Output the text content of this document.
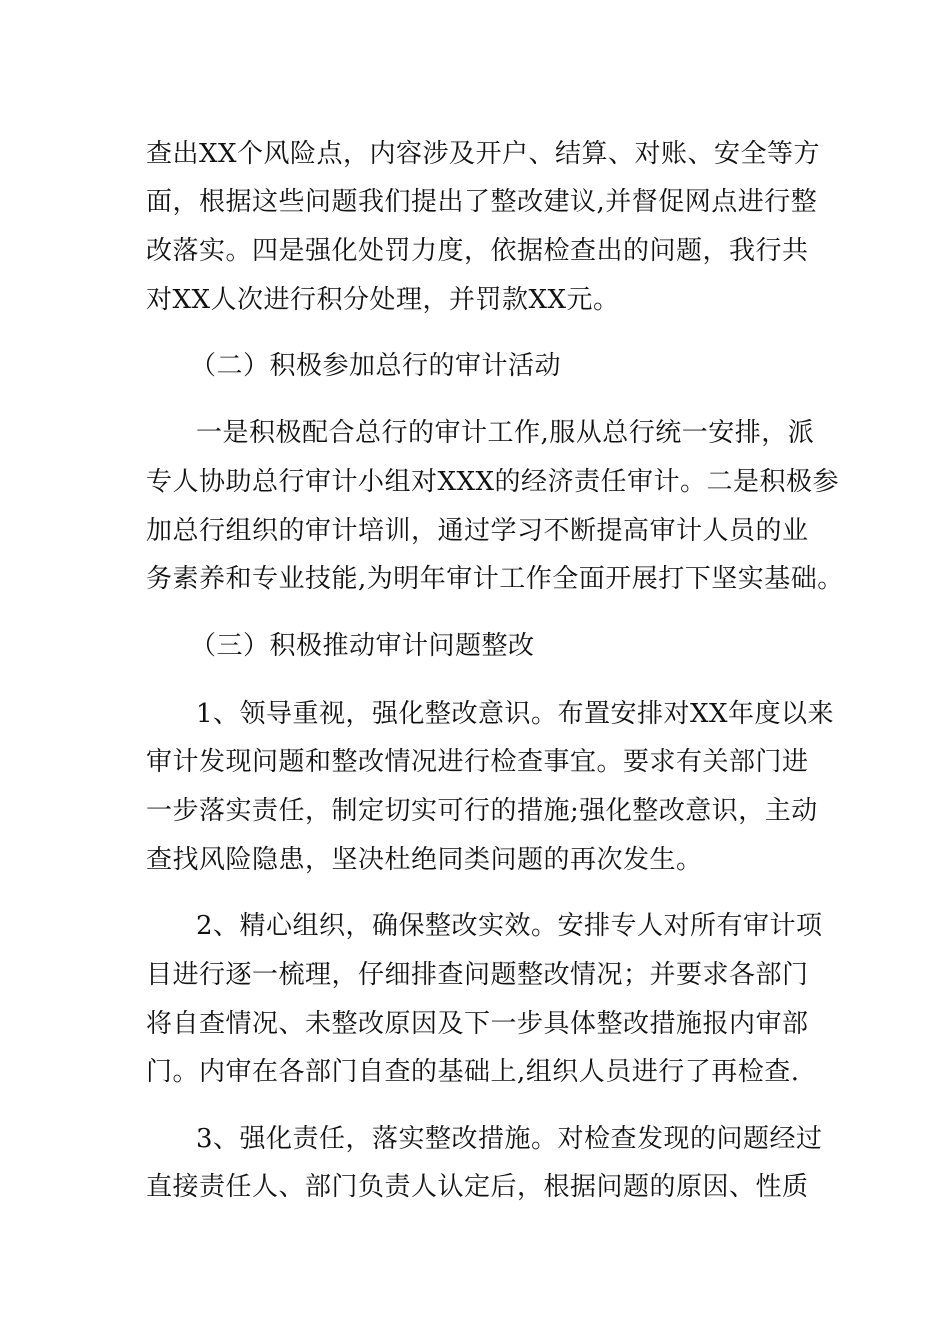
查出XX个风险点，内容涉及开户、结算、对账、安全等方
面，根据这些问题我们提出了整改建议,并督促网点进行整
改落实。四是强化处罚力度，依据检查出的问题，我行共
对XX人次进行积分处理，并罚款XX元。
（二）积极参加总行的审计活动
一是积极配合总行的审计工作,服从总行统一安排，派
专人协助总行审计小组对XXX的经济责任审计。二是积极参
加总行组织的审计培训，通过学习不断提高审计人员的业
务素养和专业技能,为明年审计工作全面开展打下坚实基础。
（三）积极推动审计问题整改
1、领导重视，强化整改意识。布置安排对XX年度以来
审计发现问题和整改情况进行检查事宜。要求有关部门进
一步落实责任，制定切实可行的措施;强化整改意识，主动
查找风险隐患，坚决杜绝同类问题的再次发生。
2、精心组织，确保整改实效。安排专人对所有审计项
目进行逐一梳理，仔细排查问题整改情况；并要求各部门
将自查情况、未整改原因及下一步具体整改措施报内审部
门。内审在各部门自查的基础上,组织人员进行了再检查.
3、强化责任，落实整改措施。对检查发现的问题经过
直接责任人、部门负责人认定后，根据问题的原因、性质
